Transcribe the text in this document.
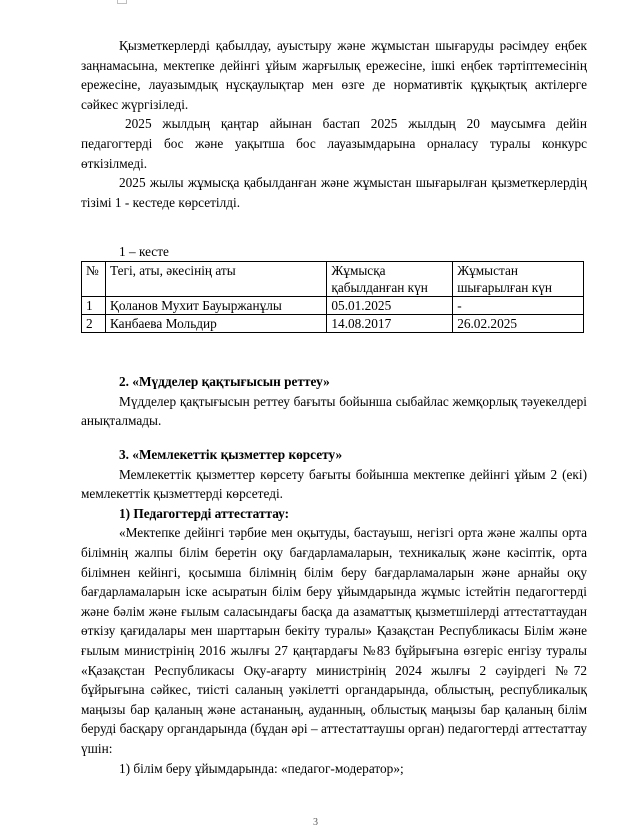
Қызметкерлерді қабылдау, ауыстыру және жұмыстан шығаруды рәсімдеу еңбек заңнамасына, мектепке дейінгі ұйым жарғылық ережесіне, ішкі еңбек тәртіптемесінің ережесіне, лауазымдық нұсқаулықтар мен өзге де нормативтік құқықтық актілерге сәйкес жүргізіледі.

2025 жылдың қаңтар айынан бастап 2025 жылдың 20 маусымға дейін педагогтерді бос және уақытша бос лауазымдарына орналасу туралы конкурс өткізілмеді.

2025 жылы жұмысқа қабылданған және жұмыстан шығарылған қызметкерлердің тізімі 1 - кестеде көрсетілді.

1 – кесте

№	Тегі, аты, әкесінің аты	Жұмысқа қабылданған күн	Жұмыстан шығарылған күн
1	Қоланов Мухит Бауыржанұлы	05.01.2025	-
2	Канбаева Мольдир	14.08.2017	26.02.2025

2. «Мүдделер қақтығысын реттеу»

Мүдделер қақтығысын реттеу бағыты бойынша сыбайлас жемқорлық тәуекелдері анықталмады.

3. «Мемлекеттік қызметтер көрсету»

Мемлекеттік қызметтер көрсету бағыты бойынша мектепке дейінгі ұйым 2 (екі) мемлекеттік қызметтерді көрсетеді.

1) Педагогтерді аттестаттау:

«Мектепке дейінгі тәрбие мен оқытуды, бастауыш, негізгі орта және жалпы орта білімнің жалпы білім беретін оқу бағдарламаларын, техникалық және кәсіптік, орта білімнен кейінгі, қосымша білімнің білім беру бағдарламаларын және арнайы оқу бағдарламаларын іске асыратын білім беру ұйымдарында жұмыс істейтін педагогтерді және бәлім және ғылым саласындағы басқа да азаматтық қызметшілерді аттестаттаудан өткізу қағидалары мен шарттарын бекіту туралы» Қазақстан Республикасы Білім және ғылым министрінің 2016 жылғы 27 қаңтардағы №83 бұйрығына өзгеріс енгізу туралы «Қазақстан Республикасы Оқу-ағарту министрінің 2024 жылғы 2 сәуірдегі №72 бұйрығына сәйкес, тиісті саланың уәкілетті органдарында, облыстың, республикалық маңызы бар қаланың және астананың, ауданның, облыстық маңызы бар қаланың білім беруді басқару органдарында (бұдан әрі – аттестаттаушы орган) педагогтерді аттестаттау үшін:

1) білім беру ұйымдарында: «педагог-модератор»;

3
